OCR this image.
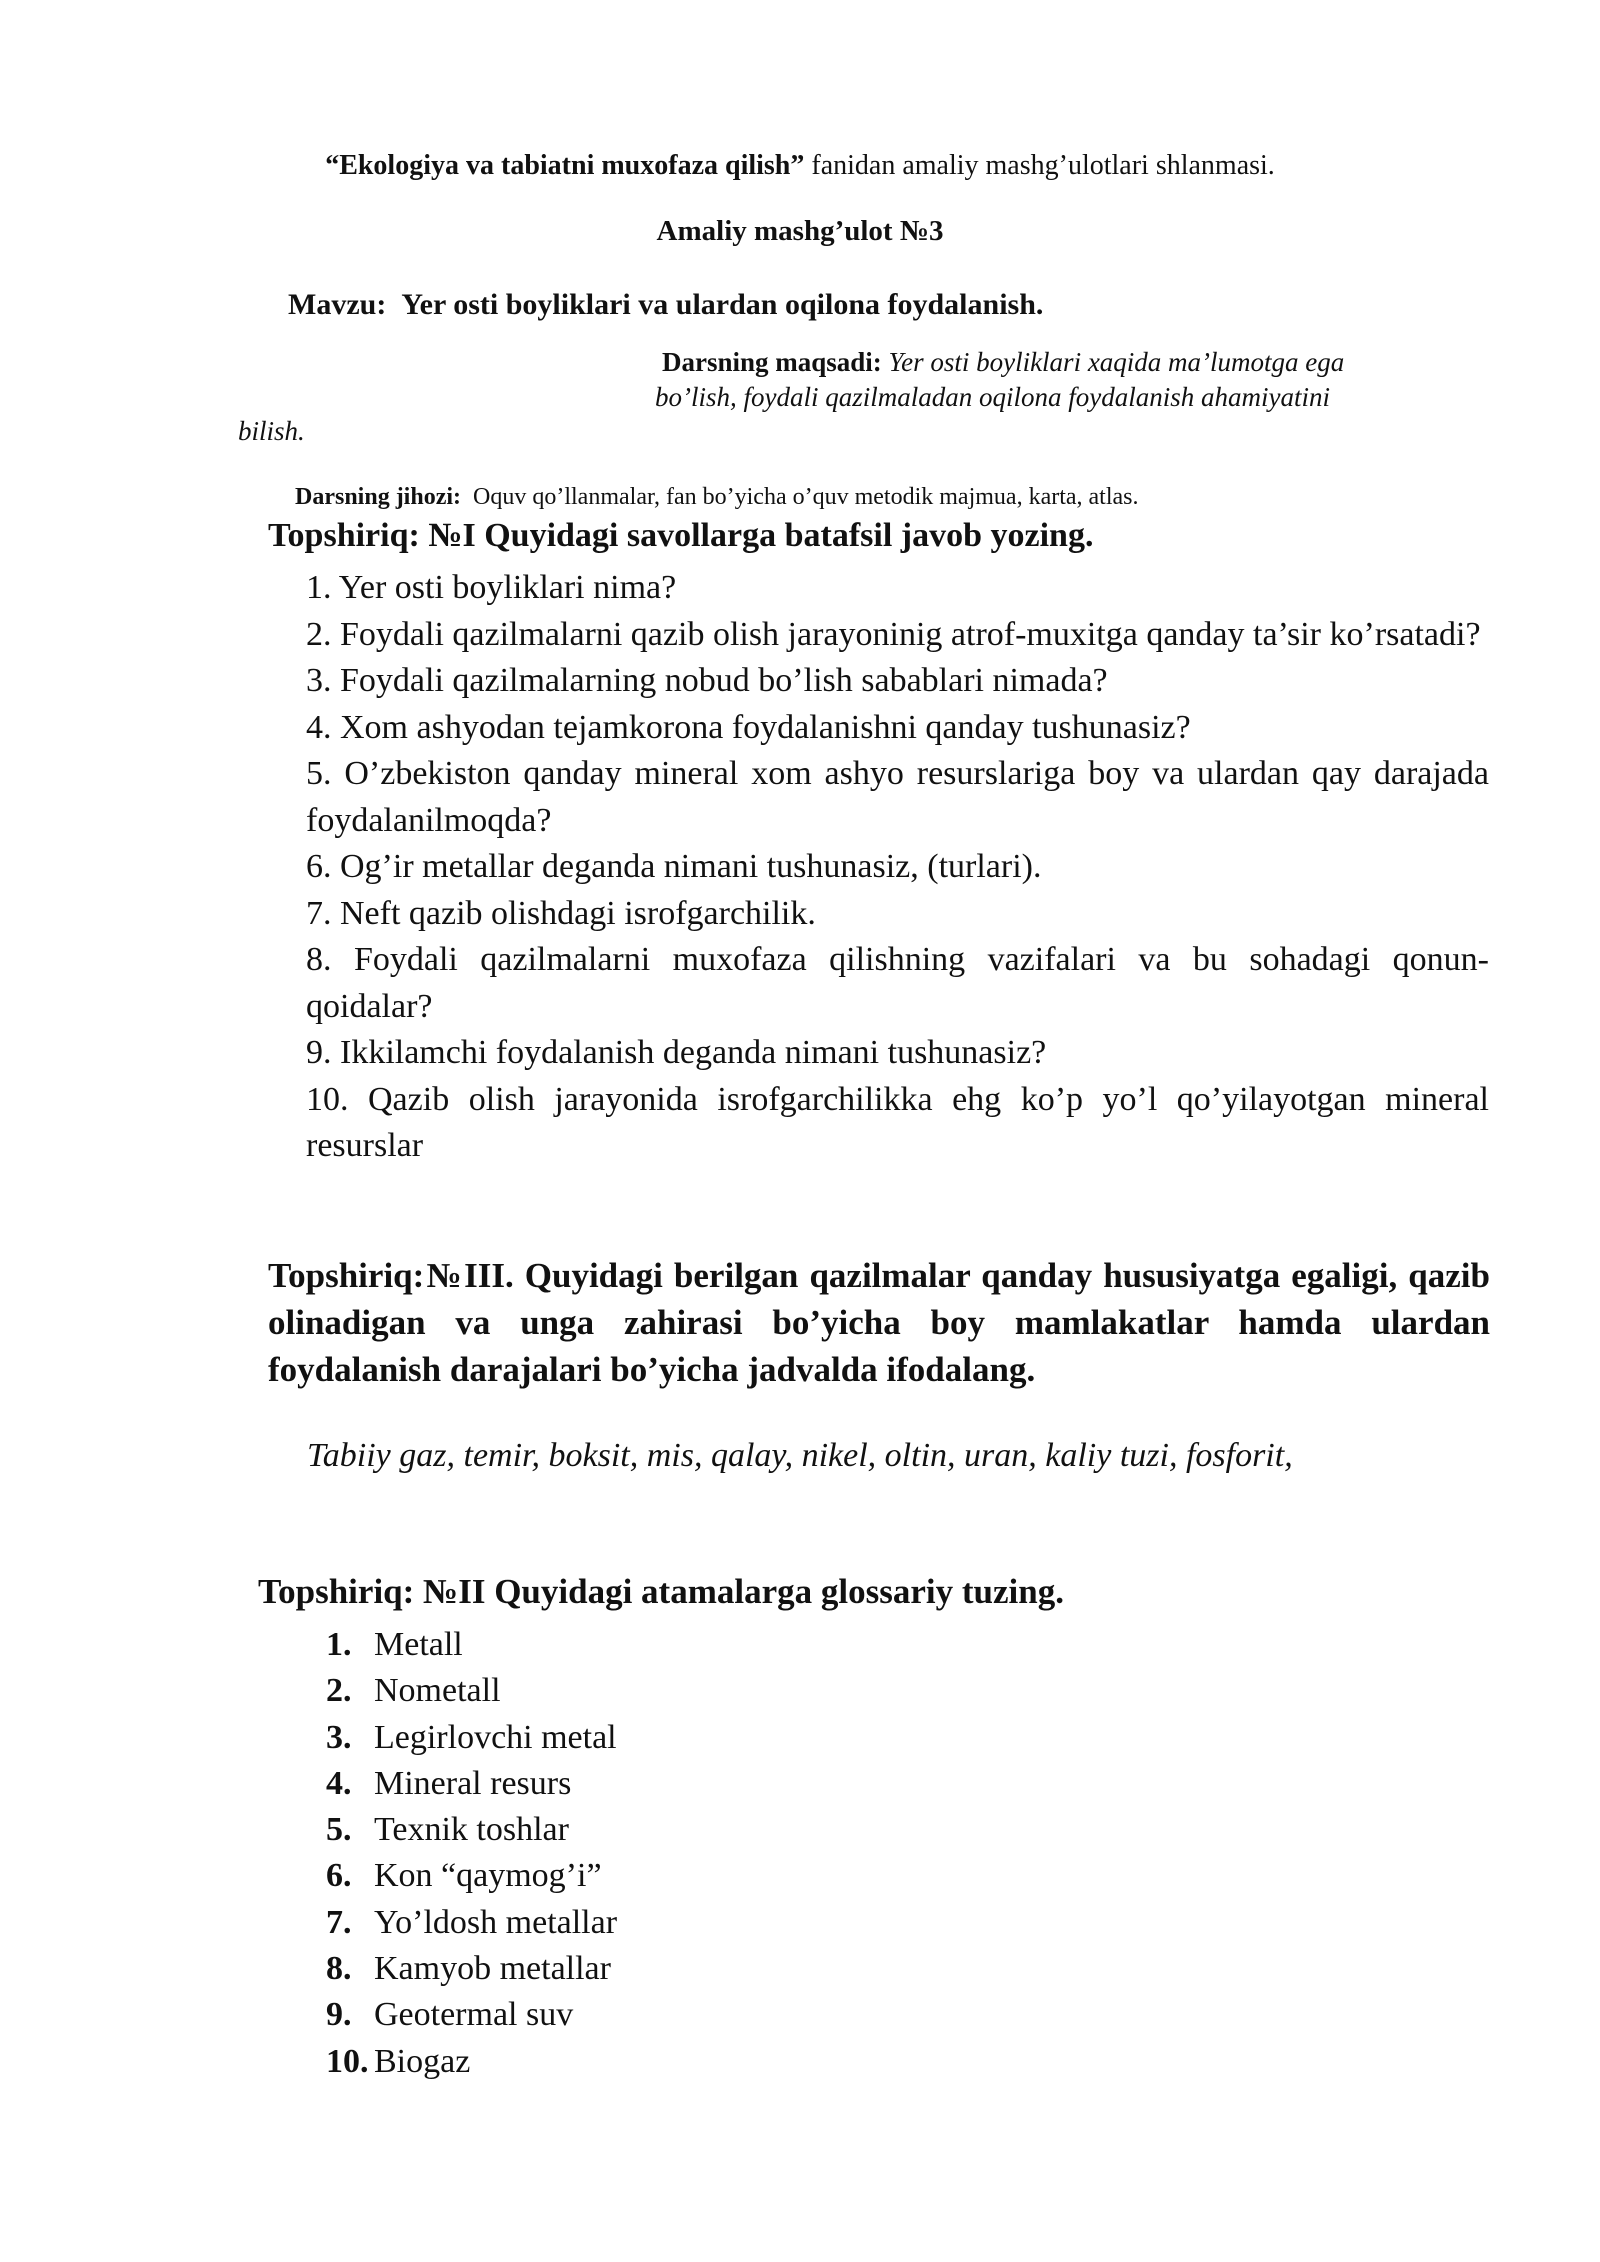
“Ekologiya va tabiatni muxofaza qilish” fanidan amaliy mashg’ulotlari shlanmasi.
Amaliy mashg’ulot №3
Mavzu: Yer osti boyliklari va ulardan oqilona foydalanish.
Darsning maqsadi: Yer osti boyliklari xaqida ma’lumotga ega
bo’lish, foydali qazilmaladan oqilona foydalanish ahamiyatini
bilish.
Darsning jihozi: Oquv qo’llanmalar, fan bo’yicha o’quv metodik majmua, karta, atlas.
Topshiriq: №I Quyidagi savollarga batafsil javob yozing.
1. Yer osti boyliklari nima?
2. Foydali qazilmalarni qazib olish jarayoninig atrof-muxitga qanday ta’sir ko’rsatadi?
3. Foydali qazilmalarning nobud bo’lish sabablari nimada?
4. Xom ashyodan tejamkorona foydalanishni qanday tushunasiz?
5. O’zbekiston qanday mineral xom ashyo resurslariga boy va ulardan qay darajada foydalanilmoqda?
6. Og’ir metallar deganda nimani tushunasiz, (turlari).
7. Neft qazib olishdagi isrofgarchilik.
8. Foydali qazilmalarni muxofaza qilishning vazifalari va bu sohadagi qonun-qoidalar?
9. Ikkilamchi foydalanish deganda nimani tushunasiz?
10. Qazib olish jarayonida isrofgarchilikka ehg ko’p yo’l qo’yilayotgan mineral resurslar
Topshiriq:№III. Quyidagi berilgan qazilmalar qanday hususiyatga egaligi, qazib olinadigan va unga zahirasi bo’yicha boy mamlakatlar hamda ulardan foydalanish darajalari bo’yicha jadvalda ifodalang.
Tabiiy gaz, temir, boksit, mis, qalay, nikel, oltin, uran, kaliy tuzi, fosforit,
Topshiriq: №II Quyidagi atamalarga glossariy tuzing.
1. Metall
2. Nometall
3. Legirlovchi metal
4. Mineral resurs
5. Texnik toshlar
6. Kon “qaymog’i”
7. Yo’ldosh metallar
8. Kamyob metallar
9. Geotermal suv
10. Biogaz
